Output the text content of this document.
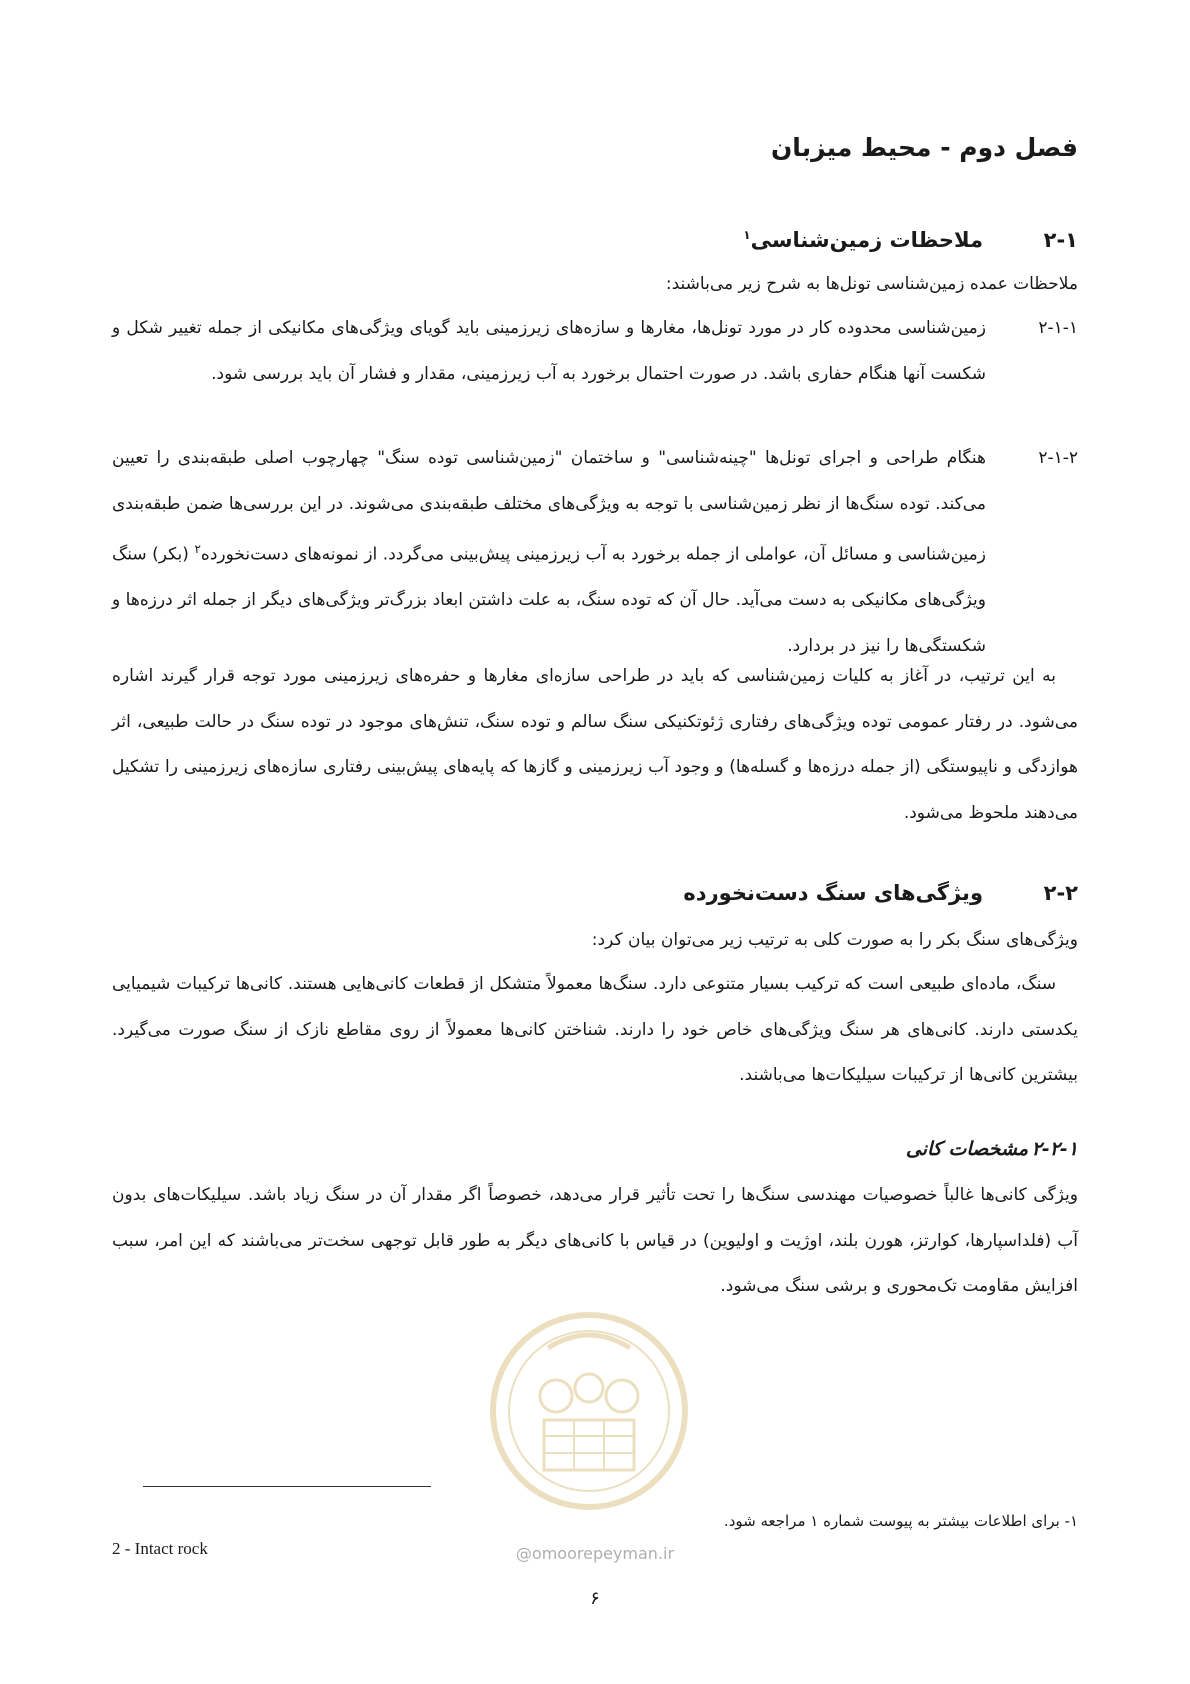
فصل دوم - محیط میزبان
۲-۱ملاحظات زمین‌شناسی$^۱$
ملاحظات عمده زمین‌شناسی تونل‌ها به شرح زیر می‌باشند:
۲-۱-۱
زمین‌شناسی محدوده کار در مورد تونل‌ها، مغارها و سازه‌های زیرزمینی باید گویای ویژگی‌های مکانیکی از جمله تغییر شکل و شکست آنها هنگام حفاری باشد. در صورت احتمال برخورد به آب زیرزمینی، مقدار و فشار آن باید بررسی شود.
۲-۱-۲
هنگام طراحی و اجرای تونل‌ها "چینه‌شناسی" و ساختمان "زمین‌شناسی توده سنگ" چهارچوب اصلی طبقه‌بندی را تعیین می‌کند. توده سنگ‌ها از نظر زمین‌شناسی با توجه به ویژگی‌های مختلف طبقه‌بندی می‌شوند. در این بررسی‌ها ضمن طبقه‌بندی زمین‌شناسی و مسائل آن، عواملی از جمله برخورد به آب زیرزمینی پیش‌بینی می‌گردد. از نمونه‌های دست‌نخورده$^۲$ (بکر) سنگ ویژگی‌های مکانیکی به دست می‌آید. حال آن که توده سنگ، به علت داشتن ابعاد بزرگ‌تر ویژگی‌های دیگر از جمله اثر درزه‌ها و شکستگی‌ها را نیز در بردارد.
به این ترتیب، در آغاز به کلیات زمین‌شناسی که باید در طراحی سازه‌ای مغارها و حفره‌های زیرزمینی مورد توجه قرار گیرند اشاره می‌شود. در رفتار عمومی توده ویژگی‌های رفتاری ژئوتکنیکی سنگ سالم و توده سنگ، تنش‌های موجود در توده سنگ در حالت طبیعی، اثر هوازدگی و ناپیوستگی (از جمله درزه‌ها و گسله‌ها) و وجود آب زیرزمینی و گازها که پایه‌های پیش‌بینی رفتاری سازه‌های زیرزمینی را تشکیل می‌دهند ملحوظ می‌شود.
۲-۲ویژگی‌های سنگ دست‌نخورده
ویژگی‌های سنگ بکر را به صورت کلی به ترتیب زیر می‌توان بیان کرد:
سنگ، ماده‌ای طبیعی است که ترکیب بسیار متنوعی دارد. سنگ‌ها معمولاً متشکل از قطعات کانی‌هایی هستند. کانی‌ها ترکیبات شیمیایی یکدستی دارند. کانی‌های هر سنگ ویژگی‌های خاص خود را دارند. شناختن کانی‌ها معمولاً از روی مقاطع نازک از سنگ صورت می‌گیرد. بیشترین کانی‌ها از ترکیبات سیلیکات‌ها می‌باشند.
۲-۲-۱مشخصات کانی
ویژگی کانی‌ها غالباً خصوصیات مهندسی سنگ‌ها را تحت تأثیر قرار می‌دهد، خصوصاً اگر مقدار آن در سنگ زیاد باشد. سیلیکات‌های بدون آب (فلداسپارها، کوارتز، هورن بلند، اوژیت و اولیوین) در قیاس با کانی‌های دیگر به طور قابل توجهی سخت‌تر می‌باشند که این امر، سبب افزایش مقاومت تک‌محوری و برشی سنگ می‌شود.
@omoorepeyman.ir
۱- برای اطلاعات بیشتر به پیوست شماره ۱ مراجعه شود.
2 - Intact rock
۶
